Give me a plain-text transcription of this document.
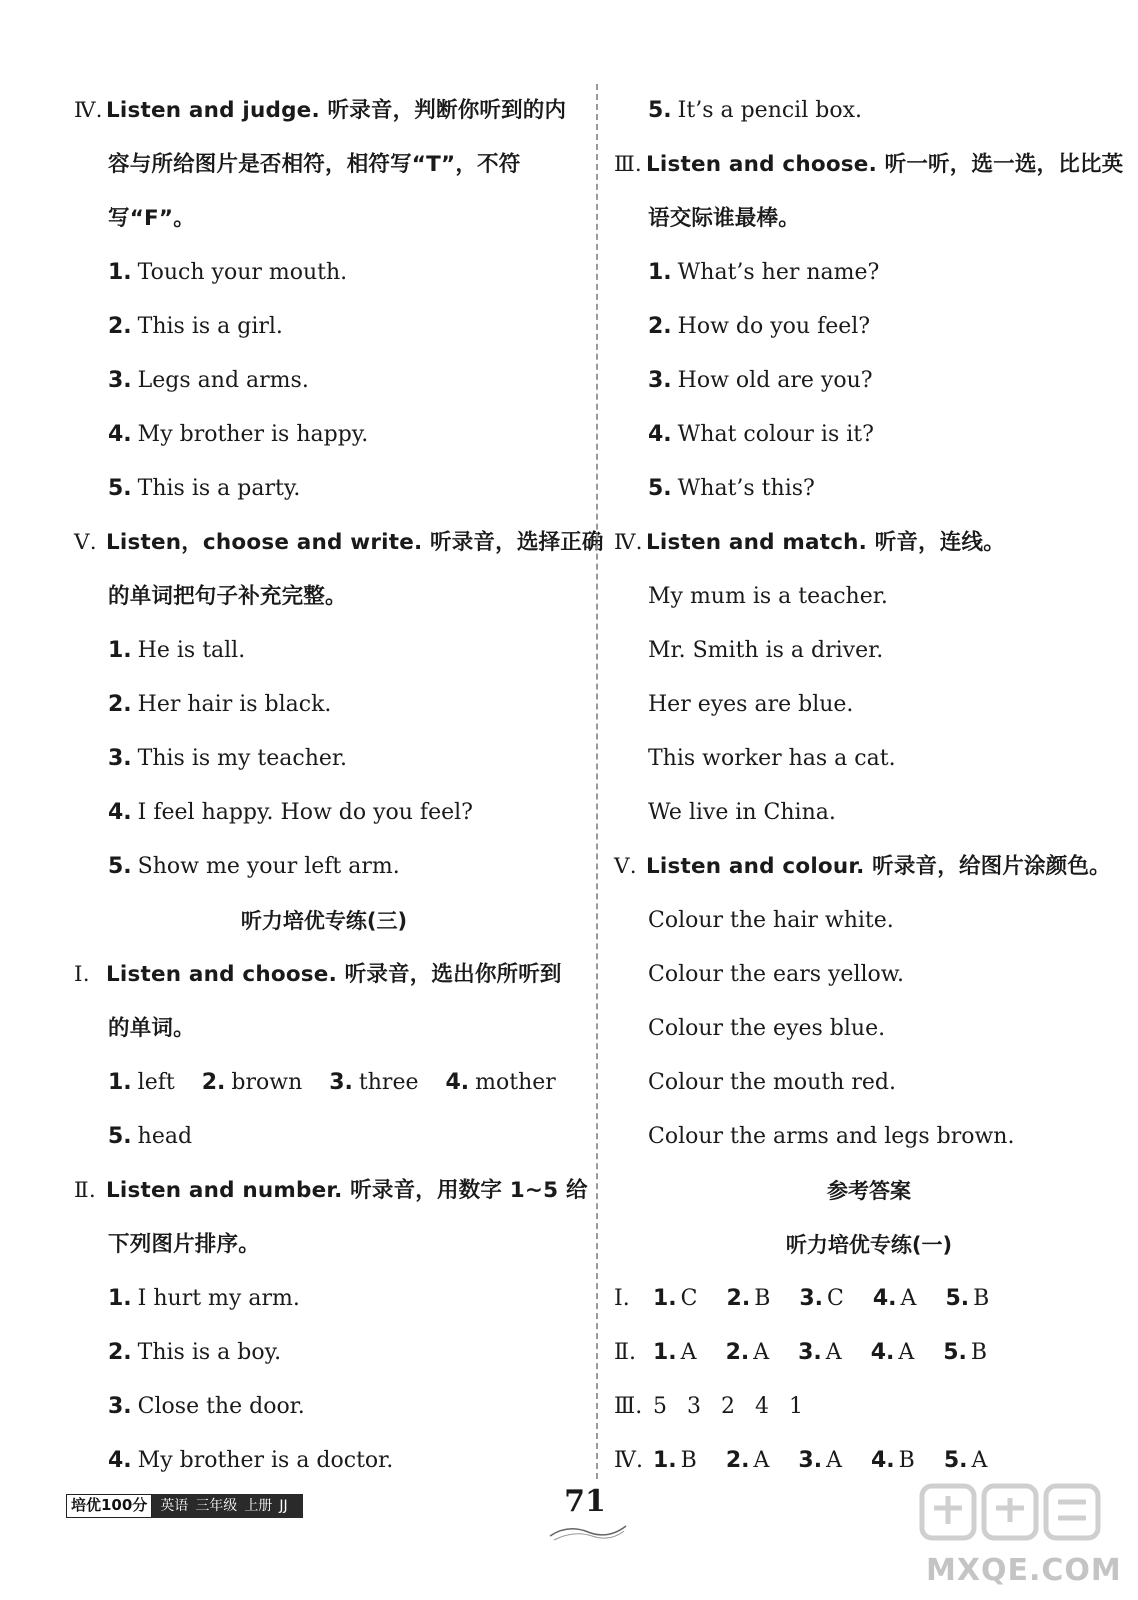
Ⅳ. Listen and judge. 听录音，判断你听到的内
容与所给图片是否相符，相符写“T”，不符
写“F”。
1. Touch your mouth.
2. This is a girl.
3. Legs and arms.
4. My brother is happy.
5. This is a party.
Ⅴ. Listen，choose and write. 听录音，选择正确
的单词把句子补充完整。
1. He is tall.
2. Her hair is black.
3. This is my teacher.
4. I feel happy. How do you feel?
5. Show me your left arm.
听力培优专练(三)
Ⅰ. Listen and choose. 听录音，选出你所听到
的单词。
1. left 2. brown 3. three 4. mother
5. head
Ⅱ. Listen and number. 听录音，用数字 1~5 给
下列图片排序。
1. I hurt my arm.
2. This is a boy.
3. Close the door.
4. My brother is a doctor.
5. It’s a pencil box.
Ⅲ. Listen and choose. 听一听，选一选，比比英
语交际谁最棒。
1. What’s her name?
2. How do you feel?
3. How old are you?
4. What colour is it?
5. What’s this?
Ⅳ. Listen and match. 听音，连线。
My mum is a teacher.
Mr. Smith is a driver.
Her eyes are blue.
This worker has a cat.
We live in China.
Ⅴ. Listen and colour. 听录音，给图片涂颜色。
Colour the hair white.
Colour the ears yellow.
Colour the eyes blue.
Colour the mouth red.
Colour the arms and legs brown.
参考答案
听力培优专练(一)
Ⅰ. 1. C 2. B 3. C 4. A 5. B
Ⅱ. 1. A 2. A 3. A 4. A 5. B
Ⅲ. 5 3 2 4 1
Ⅳ. 1. B 2. A 3. A 4. B 5. A
培优100分 英语 三年级 上册 JJ	71
MXQE.COM
